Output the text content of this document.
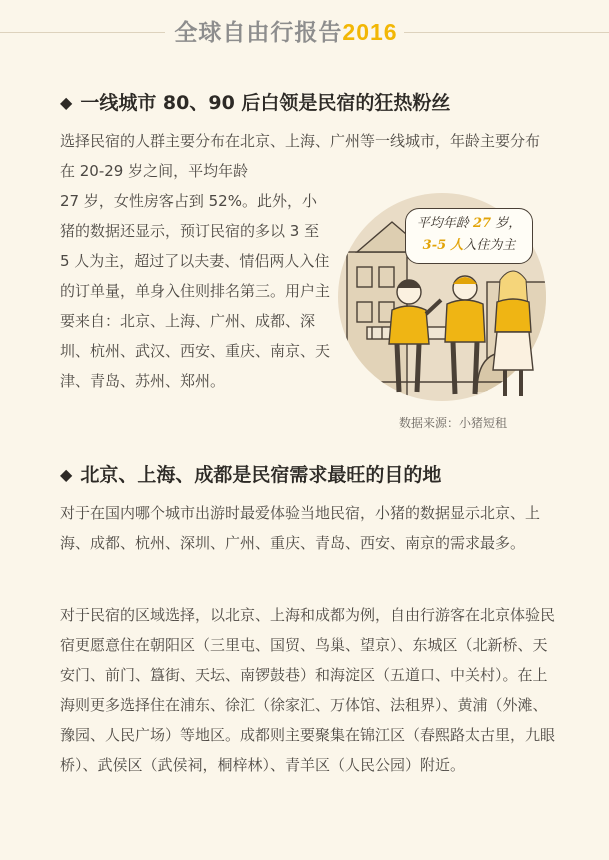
全球自由行报告2016
◆ 一线城市 80、90 后白领是民宿的狂热粉丝
选择民宿的人群主要分布在北京、上海、广州等一线城市，年龄主要分布在 20-29 岁之间，平均年龄
27 岁，女性房客占到 52%。此外，小猪的数据还显示，预订民宿的多以 3 至 5 人为主，超过了以夫妻、情侣两人入住的订单量，单身入住则排名第三。用户主要来自：北京、上海、广州、成都、深圳、杭州、武汉、西安、重庆、南京、天津、青岛、苏州、郑州。
平均年龄 27 岁，
3-5 人入住为主
数据来源：小猪短租
◆ 北京、上海、成都是民宿需求最旺的目的地
对于在国内哪个城市出游时最爱体验当地民宿，小猪的数据显示北京、上海、成都、杭州、深圳、广州、重庆、青岛、西安、南京的需求最多。
对于民宿的区域选择，以北京、上海和成都为例，自由行游客在北京体验民宿更愿意住在朝阳区（三里屯、国贸、鸟巢、望京）、东城区（北新桥、天安门、前门、簋街、天坛、南锣鼓巷）和海淀区（五道口、中关村）。在上海则更多选择住在浦东、徐汇（徐家汇、万体馆、法租界）、黄浦（外滩、豫园、人民广场）等地区。成都则主要聚集在锦江区（春熙路太古里，九眼桥）、武侯区（武侯祠，桐梓林）、青羊区（人民公园）附近。
